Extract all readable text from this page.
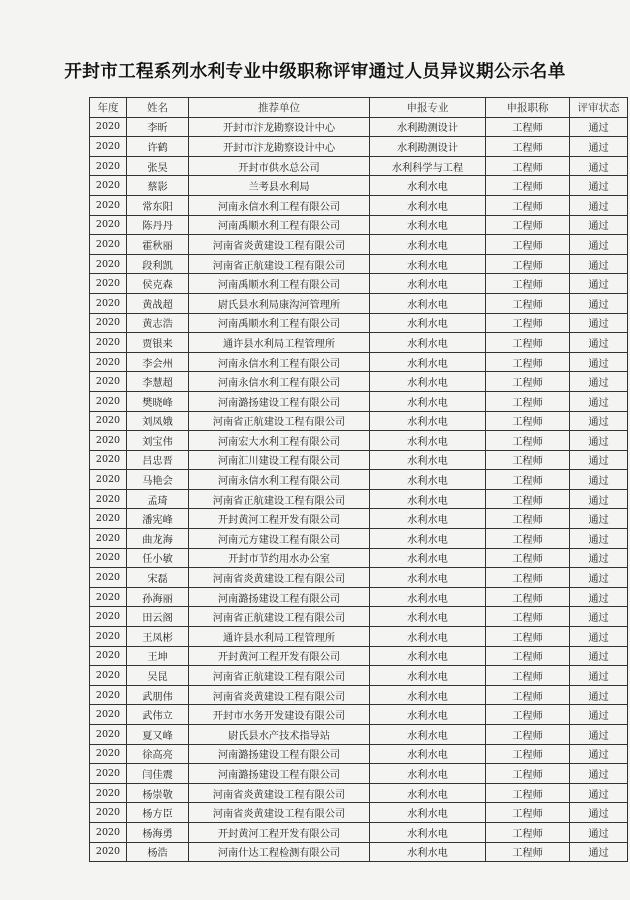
开封市工程系列水利专业中级职称评审通过人员异议期公示名单
年度	姓名	推荐单位	申报专业	申报职称	评审状态
2020	李昕	开封市汴龙勘察设计中心	水利勘测设计	工程师	通过
2020	许鹤	开封市汴龙勘察设计中心	水利勘测设计	工程师	通过
2020	张昊	开封市供水总公司	水利科学与工程	工程师	通过
2020	蔡影	兰考县水利局	水利水电	工程师	通过
2020	常东阳	河南永信水利工程有限公司	水利水电	工程师	通过
2020	陈丹丹	河南禹顺水利工程有限公司	水利水电	工程师	通过
2020	霍秋丽	河南省炎黄建设工程有限公司	水利水电	工程师	通过
2020	段利凯	河南省正航建设工程有限公司	水利水电	工程师	通过
2020	侯克森	河南禹顺水利工程有限公司	水利水电	工程师	通过
2020	黄战超	尉氏县水利局康沟河管理所	水利水电	工程师	通过
2020	黄志浩	河南禹顺水利工程有限公司	水利水电	工程师	通过
2020	贾银来	通许县水利局工程管理所	水利水电	工程师	通过
2020	李会州	河南永信水利工程有限公司	水利水电	工程师	通过
2020	李慧超	河南永信水利工程有限公司	水利水电	工程师	通过
2020	樊晓峰	河南潞扬建设工程有限公司	水利水电	工程师	通过
2020	刘凤娥	河南省正航建设工程有限公司	水利水电	工程师	通过
2020	刘宝伟	河南宏大水利工程有限公司	水利水电	工程师	通过
2020	吕忠晋	河南汇川建设工程有限公司	水利水电	工程师	通过
2020	马艳会	河南永信水利工程有限公司	水利水电	工程师	通过
2020	孟琦	河南省正航建设工程有限公司	水利水电	工程师	通过
2020	潘宪峰	开封黄河工程开发有限公司	水利水电	工程师	通过
2020	曲龙海	河南元方建设工程有限公司	水利水电	工程师	通过
2020	任小敏	开封市节约用水办公室	水利水电	工程师	通过
2020	宋磊	河南省炎黄建设工程有限公司	水利水电	工程师	通过
2020	孙海丽	河南潞扬建设工程有限公司	水利水电	工程师	通过
2020	田云阁	河南省正航建设工程有限公司	水利水电	工程师	通过
2020	王凤彬	通许县水利局工程管理所	水利水电	工程师	通过
2020	王坤	开封黄河工程开发有限公司	水利水电	工程师	通过
2020	吴昆	河南省正航建设工程有限公司	水利水电	工程师	通过
2020	武朋伟	河南省炎黄建设工程有限公司	水利水电	工程师	通过
2020	武伟立	开封市水务开发建设有限公司	水利水电	工程师	通过
2020	夏又峰	尉氏县水产技术指导站	水利水电	工程师	通过
2020	徐高亮	河南潞扬建设工程有限公司	水利水电	工程师	通过
2020	闫佳震	河南潞扬建设工程有限公司	水利水电	工程师	通过
2020	杨崇敬	河南省炎黄建设工程有限公司	水利水电	工程师	通过
2020	杨方臣	河南省炎黄建设工程有限公司	水利水电	工程师	通过
2020	杨海勇	开封黄河工程开发有限公司	水利水电	工程师	通过
2020	杨浩	河南什达工程检测有限公司	水利水电	工程师	通过
